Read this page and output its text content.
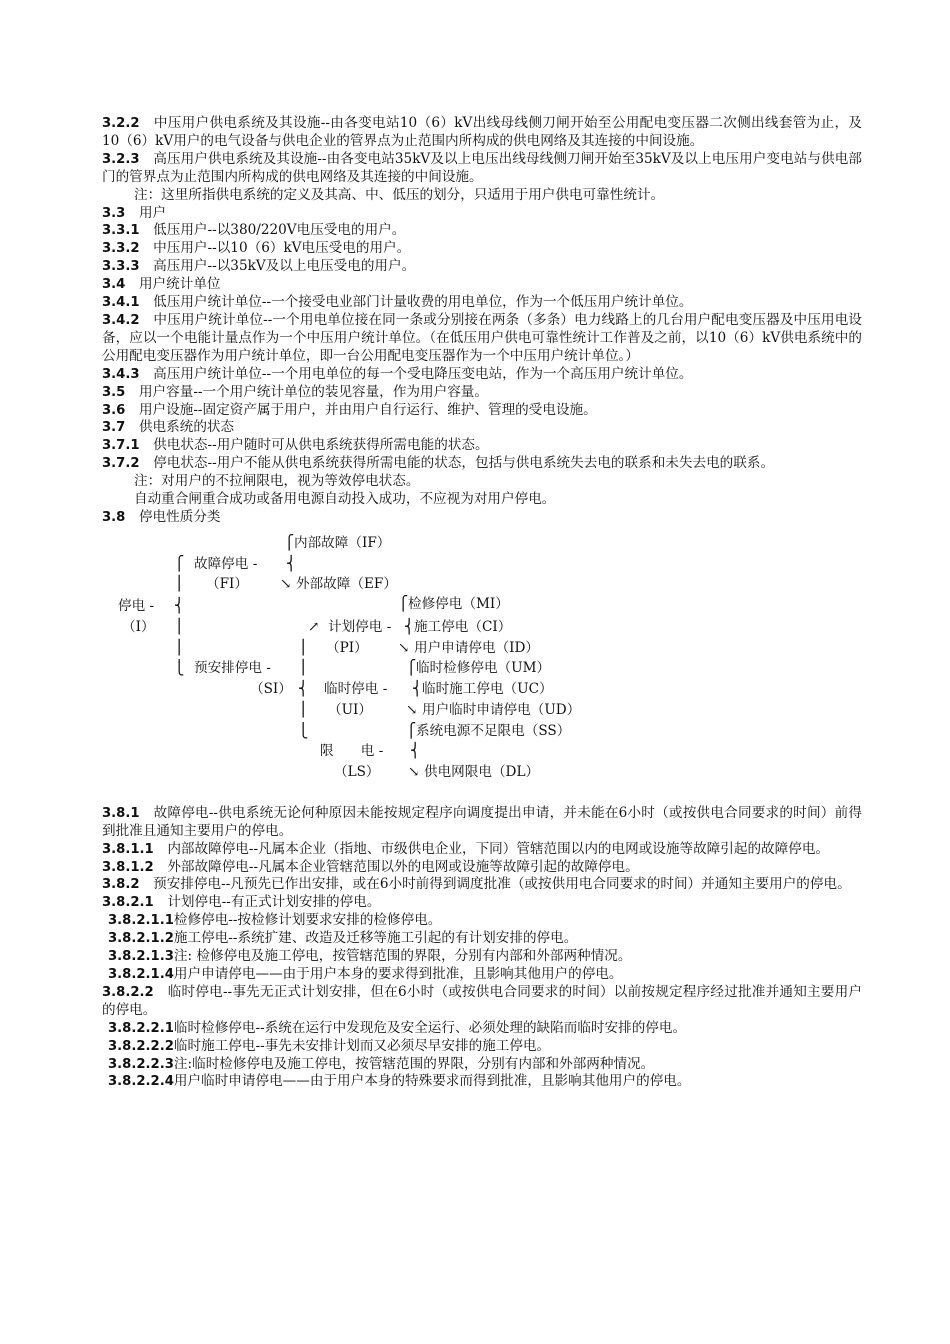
3.2.2　 中压用户供电系统及其设施--由各变电站10（6）kV出线母线侧刀闸开始至公用配电变压器二次侧出线套管为止，及10（6）kV用户的电气设备与供电企业的管界点为止范围内所构成的供电网络及其连接的中间设施。

3.2.3　 高压用户供电系统及其设施--由各变电站35kV及以上电压出线母线侧刀闸开始至35kV及以上电压用户变电站与供电部门的管界点为止范围内所构成的供电网络及其连接的中间设施。

注：这里所指供电系统的定义及其高、中、低压的划分，只适用于用户供电可靠性统计。

3.3　 用户

3.3.1　 低压用户--以380/220V电压受电的用户。

3.3.2　 中压用户--以10（6）kV电压受电的用户。

3.3.3　 高压用户--以35kV及以上电压受电的用户。

3.4　 用户统计单位

3.4.1　 低压用户统计单位--一个接受电业部门计量收费的用电单位，作为一个低压用户统计单位。

3.4.2　 中压用户统计单位--一个用电单位接在同一条或分别接在两条（多条）电力线路上的几台用户配电变压器及中压用电设备，应以一个电能计量点作为一个中压用户统计单位。（在低压用户供电可靠性统计工作普及之前，以10（6）kV供电系统中的公用配电变压器作为用户统计单位，即一台公用配电变压器作为一个中压用户统计单位。）

3.4.3　 高压用户统计单位--一个用电单位的每一个受电降压变电站，作为一个高压用户统计单位。

3.5　 用户容量--一个用户统计单位的装见容量，作为用户容量。

3.6　 用户设施--固定资产属于用户，并由用户自行运行、维护、管理的受电设施。

3.7　 供电系统的状态

3.7.1　 供电状态--用户随时可从供电系统获得所需电能的状态。

3.7.2　 停电状态--用户不能从供电系统获得所需电能的状态，包括与供电系统失去电的联系和未失去电的联系。

注：对用户的不拉闸限电，视为等效停电状态。

自动重合闸重合成功或备用电源自动投入成功，不应视为对用户停电。

3.8　 停电性质分类

⎧ 内部故障（IF）
⎧ 故障停电 - ⎨
⎪ （FI） ↘ 外部故障（EF）
⎧ 检修停电（MI）
停电 - ⎨
（I） ⎪	↗ 计划停电 - ⎨ 施工停电（CI）
⎪	⎪ （PI） ↘ 用户申请停电（ID）
⎩ 预安排停电 - ⎪	⎧ 临时检修停电（UM）
（SI） ⎨ 临时停电 - ⎨ 临时施工停电（UC）
⎪ （UI） ↘ 用户临时申请停电（UD）
⎩	⎧ 系统电源不足限电（SS）
限　　电 - ⎨
（LS） ↘ 供电网限电（DL）

3.8.1　 故障停电--供电系统无论何种原因未能按规定程序向调度提出申请，并未能在6小时（或按供电合同要求的时间）前得到批准且通知主要用户的停电。

3.8.1.1　 内部故障停电--凡属本企业（指地、市级供电企业，下同）管辖范围以内的电网或设施等故障引起的故障停电。

3.8.1.2　 外部故障停电--凡属本企业管辖范围以外的电网或设施等故障引起的故障停电。

3.8.2　 预安排停电--凡预先已作出安排，或在6小时前得到调度批准（或按供用电合同要求的时间）并通知主要用户的停电。

3.8.2.1　 计划停电--有正式计划安排的停电。

3.8.2.1.1检修停电--按检修计划要求安排的检修停电。

3.8.2.1.2施工停电--系统扩建、改造及迁移等施工引起的有计划安排的停电。

3.8.2.1.3注: 检修停电及施工停电，按管辖范围的界限，分别有内部和外部两种情况。

3.8.2.1.4用户申请停电——由于用户本身的要求得到批准，且影响其他用户的停电。

3.8.2.2　 临时停电--事先无正式计划安排，但在6小时（或按供电合同要求的时间）以前按规定程序经过批准并通知主要用户的停电。

3.8.2.2.1临时检修停电--系统在运行中发现危及安全运行、必须处理的缺陷而临时安排的停电。

3.8.2.2.2临时施工停电--事先未安排计划而又必须尽早安排的施工停电。

3.8.2.2.3注:临时检修停电及施工停电，按管辖范围的界限，分别有内部和外部两种情况。

3.8.2.2.4用户临时申请停电——由于用户本身的特殊要求而得到批准，且影响其他用户的停电。
